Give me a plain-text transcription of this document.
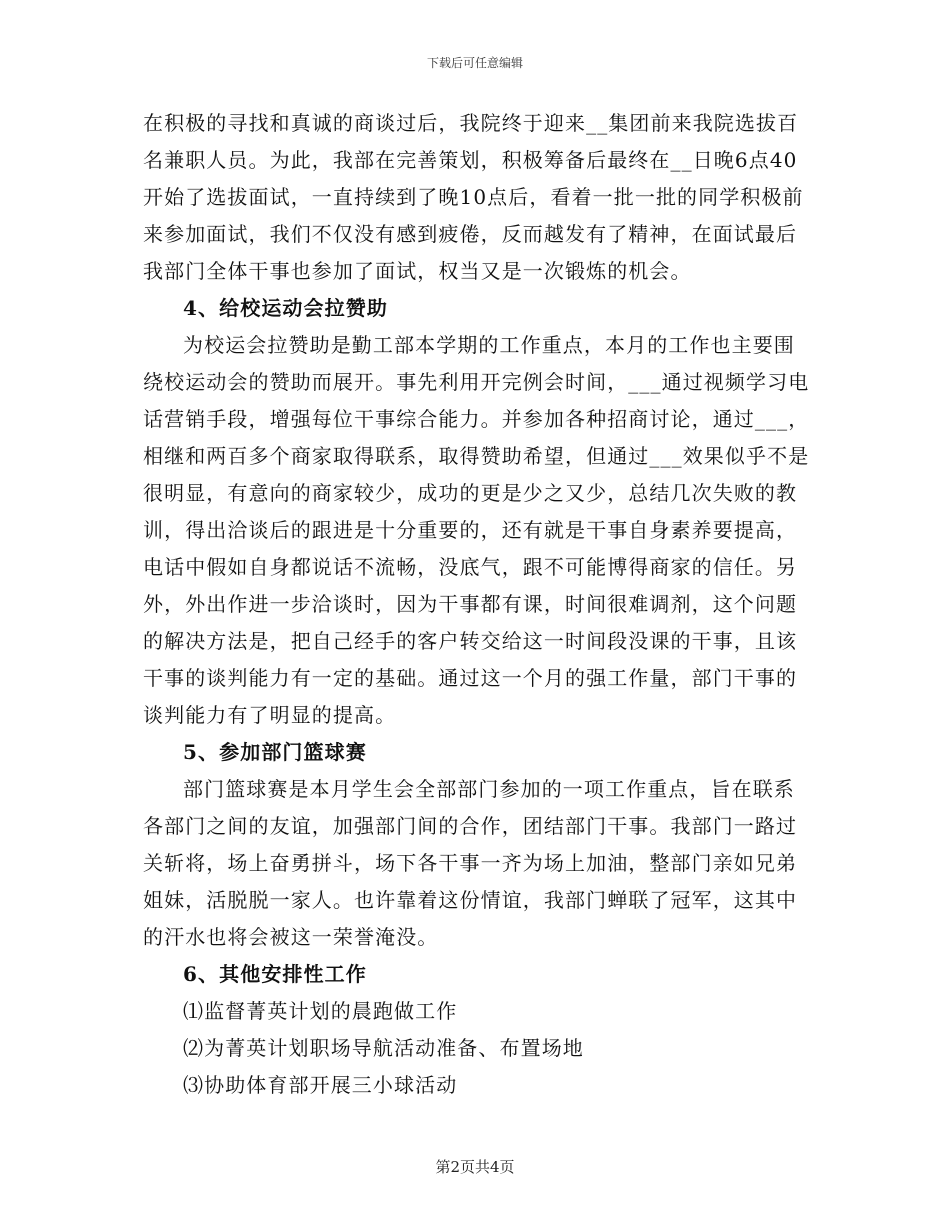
下载后可任意编辑

在积极的寻找和真诚的商谈过后，我院终于迎来__集团前来我院选拔百名兼职人员。为此，我部在完善策划，积极筹备后最终在__日晚6点40开始了选拔面试，一直持续到了晚10点后，看着一批一批的同学积极前来参加面试，我们不仅没有感到疲倦，反而越发有了精神，在面试最后我部门全体干事也参加了面试，权当又是一次锻炼的机会。

4、给校运动会拉赞助

为校运会拉赞助是勤工部本学期的工作重点，本月的工作也主要围绕校运动会的赞助而展开。事先利用开完例会时间，___通过视频学习电话营销手段，增强每位干事综合能力。并参加各种招商讨论，通过___，相继和两百多个商家取得联系，取得赞助希望，但通过___效果似乎不是很明显，有意向的商家较少，成功的更是少之又少，总结几次失败的教训，得出洽谈后的跟进是十分重要的，还有就是干事自身素养要提高，电话中假如自身都说话不流畅，没底气，跟不可能博得商家的信任。另外，外出作进一步洽谈时，因为干事都有课，时间很难调剂，这个问题的解决方法是，把自己经手的客户转交给这一时间段没课的干事，且该干事的谈判能力有一定的基础。通过这一个月的强工作量，部门干事的谈判能力有了明显的提高。

5、参加部门篮球赛

部门篮球赛是本月学生会全部部门参加的一项工作重点，旨在联系各部门之间的友谊，加强部门间的合作，团结部门干事。我部门一路过关斩将，场上奋勇拼斗，场下各干事一齐为场上加油，整部门亲如兄弟姐妹，活脱脱一家人。也许靠着这份情谊，我部门蝉联了冠军，这其中的汗水也将会被这一荣誉淹没。

6、其他安排性工作

⑴监督菁英计划的晨跑做工作

⑵为菁英计划职场导航活动准备、布置场地

⑶协助体育部开展三小球活动

第2页共4页
